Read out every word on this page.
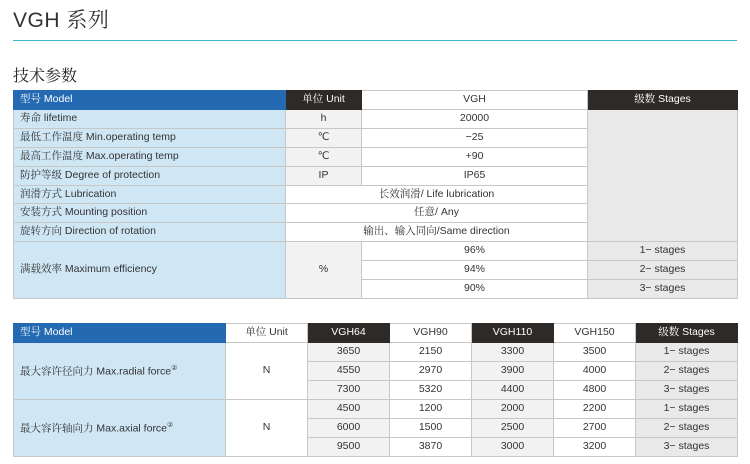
VGH 系列
技术参数
型号 Model	单位 Unit	VGH	级数 Stages
寿命 lifetime	h	20000	
最低工作温度 Min.operating temp	℃	−25	
最高工作温度 Max.operating temp	℃	+90	
防护等级 Degree of protection	IP	IP65	
润滑方式 Lubrication	长效润滑/ Life lubrication		
安装方式 Mounting position	任意/ Any		
旋转方向 Direction of rotation	输出、输入同向/Same direction		
满载效率 Maximum efficiency	%	96%	1− stages
		94%	2− stages
		90%	3− stages
型号 Model	单位 Unit	VGH64	VGH90	VGH110	VGH150	级数 Stages
最大容许径向力 Max.radial force②	N	3650	2150	3300	3500	1− stages
		4550	2970	3900	4000	2− stages
		7300	5320	4400	4800	3− stages
最大容许轴向力 Max.axial force②	N	4500	1200	2000	2200	1− stages
		6000	1500	2500	2700	2− stages
		9500	3870	3000	3200	3− stages
